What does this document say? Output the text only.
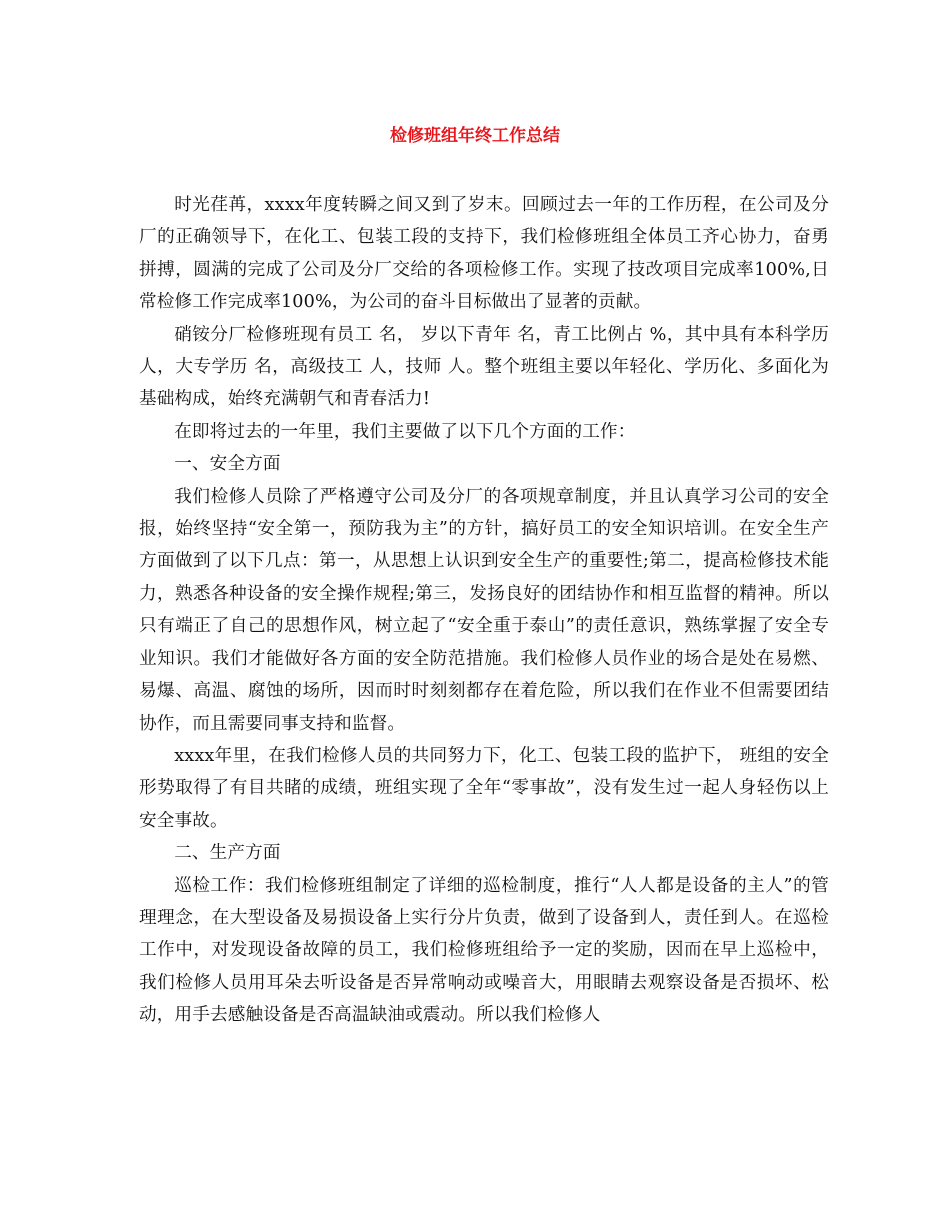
检修班组年终工作总结

时光荏苒，xxxx年度转瞬之间又到了岁末。回顾过去一年的工作历程，在公司及分厂的正确领导下，在化工、包装工段的支持下，我们检修班组全体员工齐心协力，奋勇拼搏，圆满的完成了公司及分厂交给的各项检修工作。实现了技改项目完成率100%,日常检修工作完成率100%，为公司的奋斗目标做出了显著的贡献。

硝铵分厂检修班现有员工 名， 岁以下青年 名，青工比例占 %，其中具有本科学历 人，大专学历 名，高级技工 人，技师 人。整个班组主要以年轻化、学历化、多面化为基础构成，始终充满朝气和青春活力!

在即将过去的一年里，我们主要做了以下几个方面的工作：

一、安全方面

我们检修人员除了严格遵守公司及分厂的各项规章制度，并且认真学习公司的安全报，始终坚持“安全第一，预防我为主”的方针，搞好员工的安全知识培训。在安全生产方面做到了以下几点：第一，从思想上认识到安全生产的重要性;第二，提高检修技术能力，熟悉各种设备的安全操作规程;第三，发扬良好的团结协作和相互监督的精神。所以只有端正了自己的思想作风，树立起了“安全重于泰山”的责任意识，熟练掌握了安全专业知识。我们才能做好各方面的安全防范措施。我们检修人员作业的场合是处在易燃、易爆、高温、腐蚀的场所，因而时时刻刻都存在着危险，所以我们在作业不但需要团结协作，而且需要同事支持和监督。

xxxx年里，在我们检修人员的共同努力下，化工、包装工段的监护下， 班组的安全形势取得了有目共睹的成绩，班组实现了全年“零事故”，没有发生过一起人身轻伤以上安全事故。

二、生产方面

巡检工作：我们检修班组制定了详细的巡检制度，推行“人人都是设备的主人”的管理理念，在大型设备及易损设备上实行分片负责，做到了设备到人，责任到人。在巡检工作中，对发现设备故障的员工，我们检修班组给予一定的奖励，因而在早上巡检中，我们检修人员用耳朵去听设备是否异常响动或噪音大，用眼睛去观察设备是否损坏、松动，用手去感触设备是否高温缺油或震动。所以我们检修人
